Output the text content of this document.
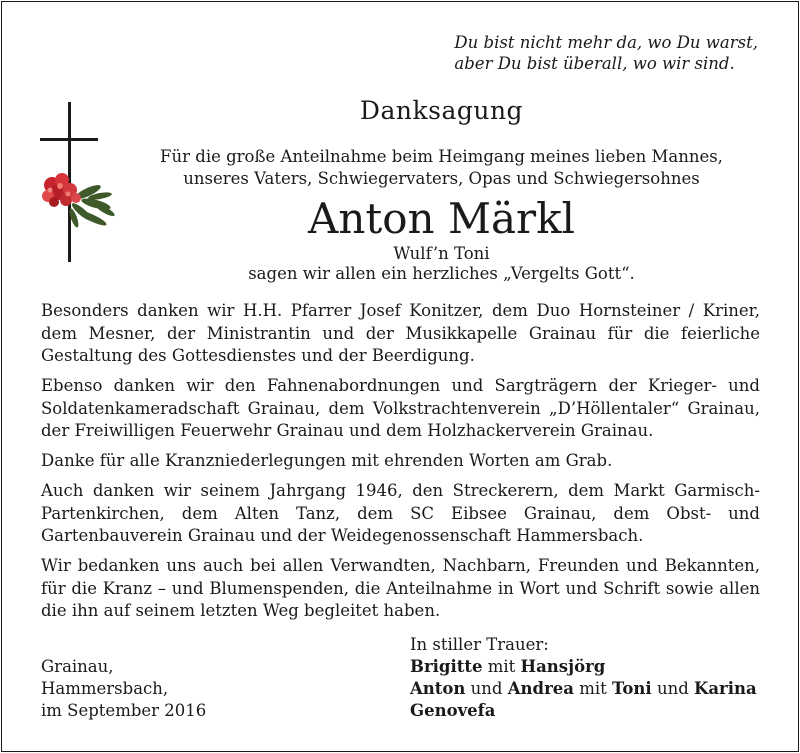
Du bist nicht mehr da, wo Du warst,
aber Du bist überall, wo wir sind.
Danksagung
Für die große Anteilnahme beim Heimgang meines lieben Mannes,
unseres Vaters, Schwiegervaters, Opas und Schwiegersohnes
Anton Märkl
Wulf’n Toni
sagen wir allen ein herzliches „Vergelts Gott“.

Besonders danken wir H.H. Pfarrer Josef Konitzer, dem Duo Hornsteiner / Kriner, dem Mesner, der Ministrantin und der Musikkapelle Grainau für die feierliche Gestaltung des Gottesdienstes und der Beerdigung.

Ebenso danken wir den Fahnenabordnungen und Sargträgern der Krieger- und Soldatenkameradschaft Grainau, dem Volkstrachtenverein „D’Höllentaler“ Grainau, der Freiwilligen Feuerwehr Grainau und dem Holzhackerverein Grainau.

Danke für alle Kranzniederlegungen mit ehrenden Worten am Grab.

Auch danken wir seinem Jahrgang 1946, den Streckerern, dem Markt Garmisch-Partenkirchen, dem Alten Tanz, dem SC Eibsee Grainau, dem Obst- und Gartenbauverein Grainau und der Weidegenossenschaft Hammersbach.

Wir bedanken uns auch bei allen Verwandten, Nachbarn, Freunden und Bekannten, für die Kranz – und Blumenspenden, die Anteilnahme in Wort und Schrift sowie allen die ihn auf seinem letzten Weg begleitet haben.

Grainau,
Hammersbach,
im September 2016
In stiller Trauer:
Brigitte mit Hansjörg
Anton und Andrea mit Toni und Karina
Genovefa
